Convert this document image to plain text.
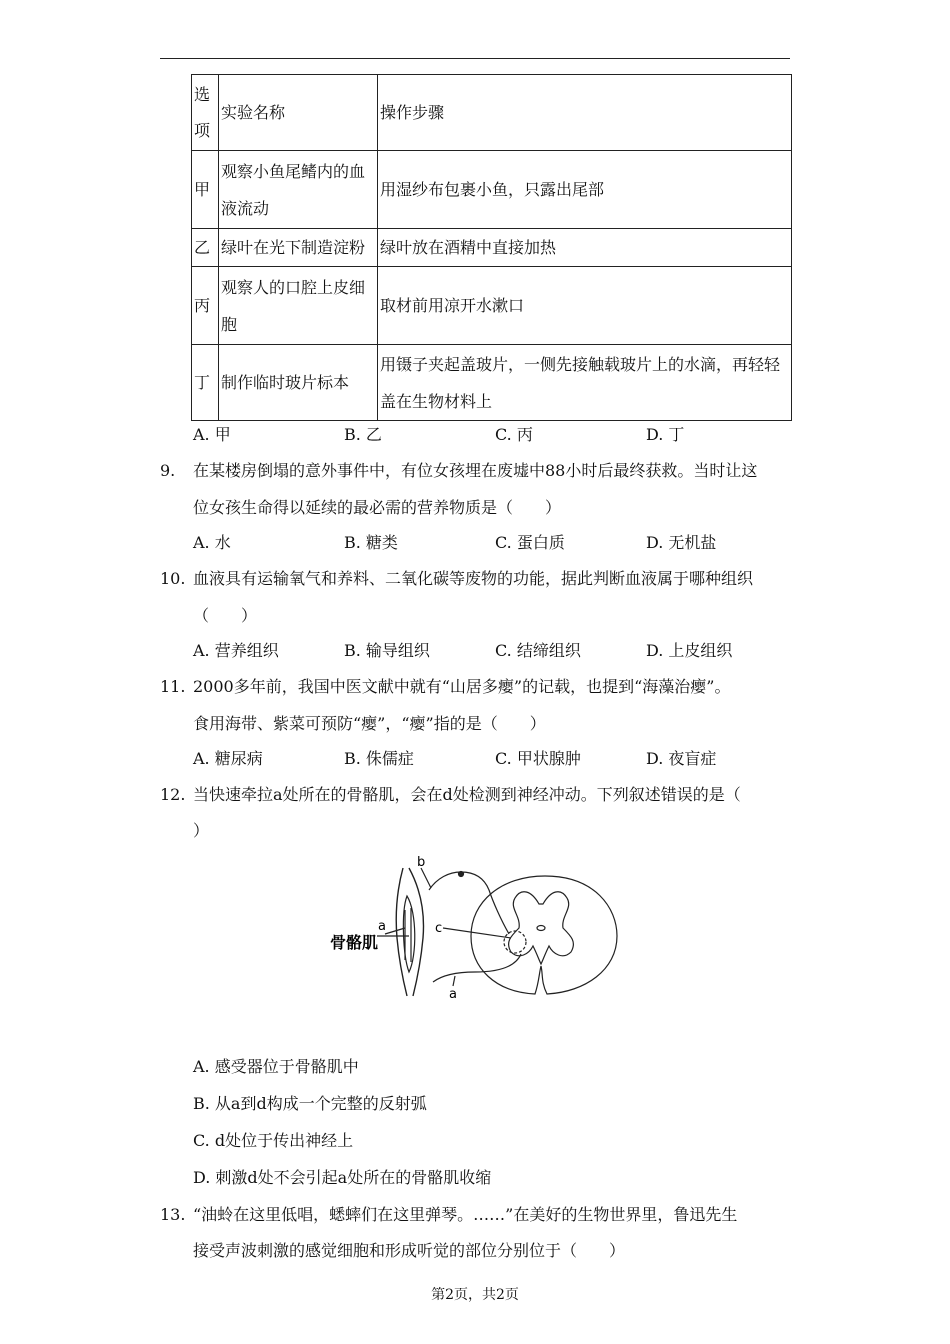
选项	实验名称	操作步骤
甲	观察小鱼尾鳍内的血液流动	用湿纱布包裹小鱼，只露出尾部
乙	绿叶在光下制造淀粉	绿叶放在酒精中直接加热
丙	观察人的口腔上皮细胞	取材前用凉开水漱口
丁	制作临时玻片标本	用镊子夹起盖玻片，一侧先接触载玻片上的水滴，再轻轻盖在生物材料上
A. 甲	B. 乙	C. 丙	D. 丁
9. 在某楼房倒塌的意外事件中，有位女孩埋在废墟中88小时后最终获救。当时让这
位女孩生命得以延续的最必需的营养物质是（　　）
A. 水	B. 糖类	C. 蛋白质	D. 无机盐
10. 血液具有运输氧气和养料、二氧化碳等废物的功能，据此判断血液属于哪种组织
（　　）
A. 营养组织	B. 输导组织	C. 结缔组织	D. 上皮组织
11. 2000多年前，我国中医文献中就有“山居多瘿”的记载，也提到“海藻治瘿”。
食用海带、紫菜可预防“瘿”，“瘿”指的是（　　）
A. 糖尿病	B. 侏儒症	C. 甲状腺肿	D. 夜盲症
12. 当快速牵拉a处所在的骨骼肌，会在d处检测到神经冲动。下列叙述错误的是（
）
b
a
骨骼肌
c
a
A. 感受器位于骨骼肌中
B. 从a到d构成一个完整的反射弧
C. d处位于传出神经上
D. 刺激d处不会引起a处所在的骨骼肌收缩
13. “油蛉在这里低唱，蟋蟀们在这里弹琴。……”在美好的生物世界里，鲁迅先生
接受声波刺激的感觉细胞和形成听觉的部位分别位于（　　）
第2页，共2页
